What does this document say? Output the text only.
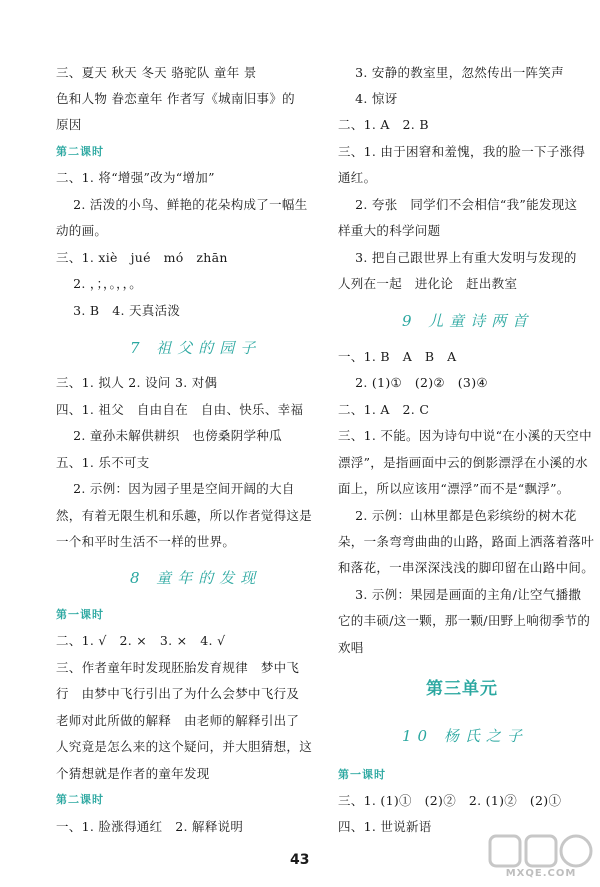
三、夏天 秋天 冬天 骆驼队 童年 景
色和人物 眷恋童年 作者写《城南旧事》的
原因
第二课时
二、1. 将“增强”改为“增加”
2. 活泼的小鸟、鲜艳的花朵构成了一幅生
动的画。
三、1. xiè   jué   mó   zhān
2. ，；，。，，。
3. B   4. 天真活泼
7 祖父的园子
三、1. 拟人 2. 设问 3. 对偶
四、1. 祖父   自由自在   自由、快乐、幸福
2. 童孙未解供耕织   也傍桑阴学种瓜
五、1. 乐不可支
2. 示例：因为园子里是空间开阔的大自
然，有着无限生机和乐趣，所以作者觉得这是
一个和平时生活不一样的世界。
8 童年的发现
第一课时
二、1. √   2. ×   3. ×   4. √
三、作者童年时发现胚胎发育规律   梦中飞
行   由梦中飞行引出了为什么会梦中飞行及
老师对此所做的解释   由老师的解释引出了
人究竟是怎么来的这个疑问，并大胆猜想，这
个猜想就是作者的童年发现
第二课时
一、1. 脸涨得通红   2. 解释说明
3. 安静的教室里，忽然传出一阵笑声
4. 惊讶
二、1. A   2. B
三、1. 由于困窘和羞愧，我的脸一下子涨得
通红。
2. 夸张   同学们不会相信“我”能发现这
样重大的科学问题
3. 把自己跟世界上有重大发明与发现的
人列在一起   进化论   赶出教室
9 儿童诗两首
一、1. B   A   B   A
2. (1)①   (2)②   (3)④
二、1. A   2. C
三、1. 不能。因为诗句中说“在小溪的天空中
漂浮”，是指画面中云的倒影漂浮在小溪的水
面上，所以应该用“漂浮”而不是“飘浮”。
2. 示例：山林里都是色彩缤纷的树木花
朵，一条弯弯曲曲的山路，路面上洒落着落叶
和落花，一串深深浅浅的脚印留在山路中间。
3. 示例：果园是画面的主角/让空气播撒
它的丰硕/这一颗，那一颗/田野上响彻季节的
欢唱
第三单元
10 杨氏之子
第一课时
三、1. (1)①   (2)②   2. (1)②   (2)①
四、1. 世说新语
43
MXQE.COM
